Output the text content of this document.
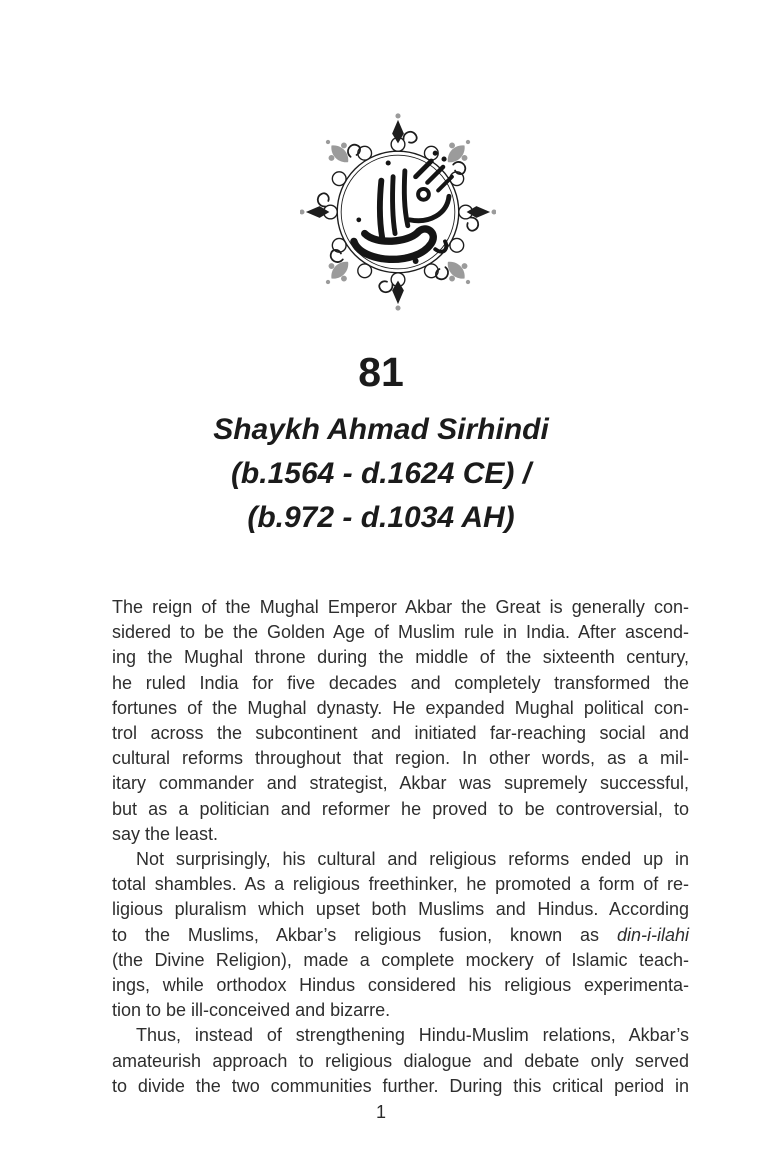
81
Shaykh Ahmad Sirhindi
(b.1564 - d.1624 CE) /
(b.972 - d.1034 AH)
The reign of the Mughal Emperor Akbar the Great is generally con-
sidered to be the Golden Age of Muslim rule in India. After ascend-
ing the Mughal throne during the middle of the sixteenth century,
he ruled India for five decades and completely transformed the
fortunes of the Mughal dynasty. He expanded Mughal political con-
trol across the subcontinent and initiated far-reaching social and
cultural reforms throughout that region. In other words, as a mil-
itary commander and strategist, Akbar was supremely successful,
but as a politician and reformer he proved to be controversial, to
say the least.
Not surprisingly, his cultural and religious reforms ended up in
total shambles. As a religious freethinker, he promoted a form of re-
ligious pluralism which upset both Muslims and Hindus. According
to the Muslims, Akbar’s religious fusion, known as din-i-ilahi
(the Divine Religion), made a complete mockery of Islamic teach-
ings, while orthodox Hindus considered his religious experimenta-
tion to be ill-conceived and bizarre.
Thus, instead of strengthening Hindu-Muslim relations, Akbar’s
amateurish approach to religious dialogue and debate only served
to divide the two communities further. During this critical period in
1
